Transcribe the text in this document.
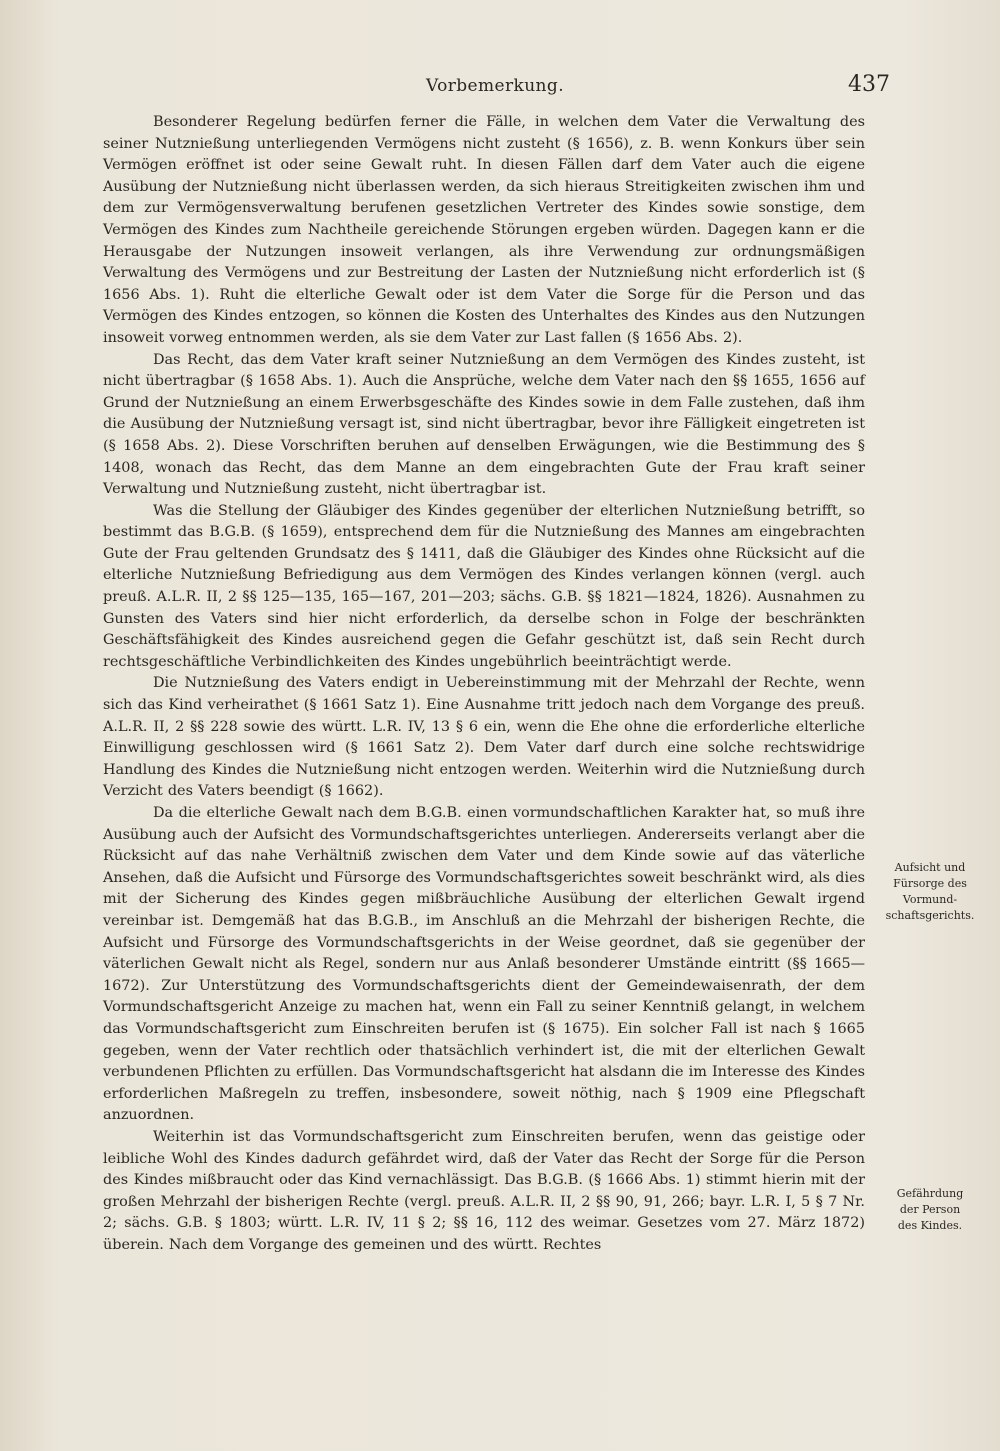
Vorbemerkung.	437

Besonderer Regelung bedürfen ferner die Fälle, in welchen dem Vater die Verwaltung des seiner Nutznießung unterliegenden Vermögens nicht zusteht (§ 1656), z. B. wenn Konkurs über sein Vermögen eröffnet ist oder seine Gewalt ruht. In diesen Fällen darf dem Vater auch die eigene Ausübung der Nutznießung nicht überlassen werden, da sich hieraus Streitigkeiten zwischen ihm und dem zur Vermögensverwaltung berufenen gesetzlichen Vertreter des Kindes sowie sonstige, dem Vermögen des Kindes zum Nachtheile gereichende Störungen ergeben würden. Dagegen kann er die Herausgabe der Nutzungen insoweit verlangen, als ihre Verwendung zur ordnungsmäßigen Verwaltung des Vermögens und zur Bestreitung der Lasten der Nutznießung nicht erforderlich ist (§ 1656 Abs. 1). Ruht die elterliche Gewalt oder ist dem Vater die Sorge für die Person und das Vermögen des Kindes entzogen, so können die Kosten des Unterhaltes des Kindes aus den Nutzungen insoweit vorweg entnommen werden, als sie dem Vater zur Last fallen (§ 1656 Abs. 2).

Das Recht, das dem Vater kraft seiner Nutznießung an dem Vermögen des Kindes zusteht, ist nicht übertragbar (§ 1658 Abs. 1). Auch die Ansprüche, welche dem Vater nach den §§ 1655, 1656 auf Grund der Nutznießung an einem Erwerbsgeschäfte des Kindes sowie in dem Falle zustehen, daß ihm die Ausübung der Nutznießung versagt ist, sind nicht übertragbar, bevor ihre Fälligkeit eingetreten ist (§ 1658 Abs. 2). Diese Vorschriften beruhen auf denselben Erwägungen, wie die Bestimmung des § 1408, wonach das Recht, das dem Manne an dem eingebrachten Gute der Frau kraft seiner Verwaltung und Nutznießung zusteht, nicht übertragbar ist.

Was die Stellung der Gläubiger des Kindes gegenüber der elterlichen Nutznießung betrifft, so bestimmt das B.G.B. (§ 1659), entsprechend dem für die Nutznießung des Mannes am eingebrachten Gute der Frau geltenden Grundsatz des § 1411, daß die Gläubiger des Kindes ohne Rücksicht auf die elterliche Nutznießung Befriedigung aus dem Vermögen des Kindes verlangen können (vergl. auch preuß. A.L.R. II, 2 §§ 125—135, 165—167, 201—203; sächs. G.B. §§ 1821—1824, 1826). Ausnahmen zu Gunsten des Vaters sind hier nicht erforderlich, da derselbe schon in Folge der beschränkten Geschäftsfähigkeit des Kindes ausreichend gegen die Gefahr geschützt ist, daß sein Recht durch rechtsgeschäftliche Verbindlichkeiten des Kindes ungebührlich beeinträchtigt werde.

Die Nutznießung des Vaters endigt in Uebereinstimmung mit der Mehrzahl der Rechte, wenn sich das Kind verheirathet (§ 1661 Satz 1). Eine Ausnahme tritt jedoch nach dem Vorgange des preuß. A.L.R. II, 2 §§ 228 sowie des württ. L.R. IV, 13 § 6 ein, wenn die Ehe ohne die erforderliche elterliche Einwilligung geschlossen wird (§ 1661 Satz 2). Dem Vater darf durch eine solche rechtswidrige Handlung des Kindes die Nutznießung nicht entzogen werden. Weiterhin wird die Nutznießung durch Verzicht des Vaters beendigt (§ 1662).

Da die elterliche Gewalt nach dem B.G.B. einen vormundschaftlichen Karakter hat, so muß ihre Ausübung auch der Aufsicht des Vormundschaftsgerichtes unterliegen. Andererseits verlangt aber die Rücksicht auf das nahe Verhältniß zwischen dem Vater und dem Kinde sowie auf das väterliche Ansehen, daß die Aufsicht und Fürsorge des Vormundschaftsgerichtes soweit beschränkt wird, als dies mit der Sicherung des Kindes gegen mißbräuchliche Ausübung der elterlichen Gewalt irgend vereinbar ist. Demgemäß hat das B.G.B., im Anschluß an die Mehrzahl der bisherigen Rechte, die Aufsicht und Fürsorge des Vormundschaftsgerichts in der Weise geordnet, daß sie gegenüber der väterlichen Gewalt nicht als Regel, sondern nur aus Anlaß besonderer Umstände eintritt (§§ 1665—1672). Zur Unterstützung des Vormundschaftsgerichts dient der Gemeindewaisenrath, der dem Vormundschaftsgericht Anzeige zu machen hat, wenn ein Fall zu seiner Kenntniß gelangt, in welchem das Vormundschaftsgericht zum Einschreiten berufen ist (§ 1675). Ein solcher Fall ist nach § 1665 gegeben, wenn der Vater rechtlich oder thatsächlich verhindert ist, die mit der elterlichen Gewalt verbundenen Pflichten zu erfüllen. Das Vormundschaftsgericht hat alsdann die im Interesse des Kindes erforderlichen Maßregeln zu treffen, insbesondere, soweit nöthig, nach § 1909 eine Pflegschaft anzuordnen.

Weiterhin ist das Vormundschaftsgericht zum Einschreiten berufen, wenn das geistige oder leibliche Wohl des Kindes dadurch gefährdet wird, daß der Vater das Recht der Sorge für die Person des Kindes mißbraucht oder das Kind vernachlässigt. Das B.G.B. (§ 1666 Abs. 1) stimmt hierin mit der großen Mehrzahl der bisherigen Rechte (vergl. preuß. A.L.R. II, 2 §§ 90, 91, 266; bayr. L.R. I, 5 § 7 Nr. 2; sächs. G.B. § 1803; württ. L.R. IV, 11 § 2; §§ 16, 112 des weimar. Gesetzes vom 27. März 1872) überein. Nach dem Vorgange des gemeinen und des württ. Rechtes

Aufsicht und
Fürsorge des
Vormund-
schaftsgerichts.
Gefährdung
der Person
des Kindes.
